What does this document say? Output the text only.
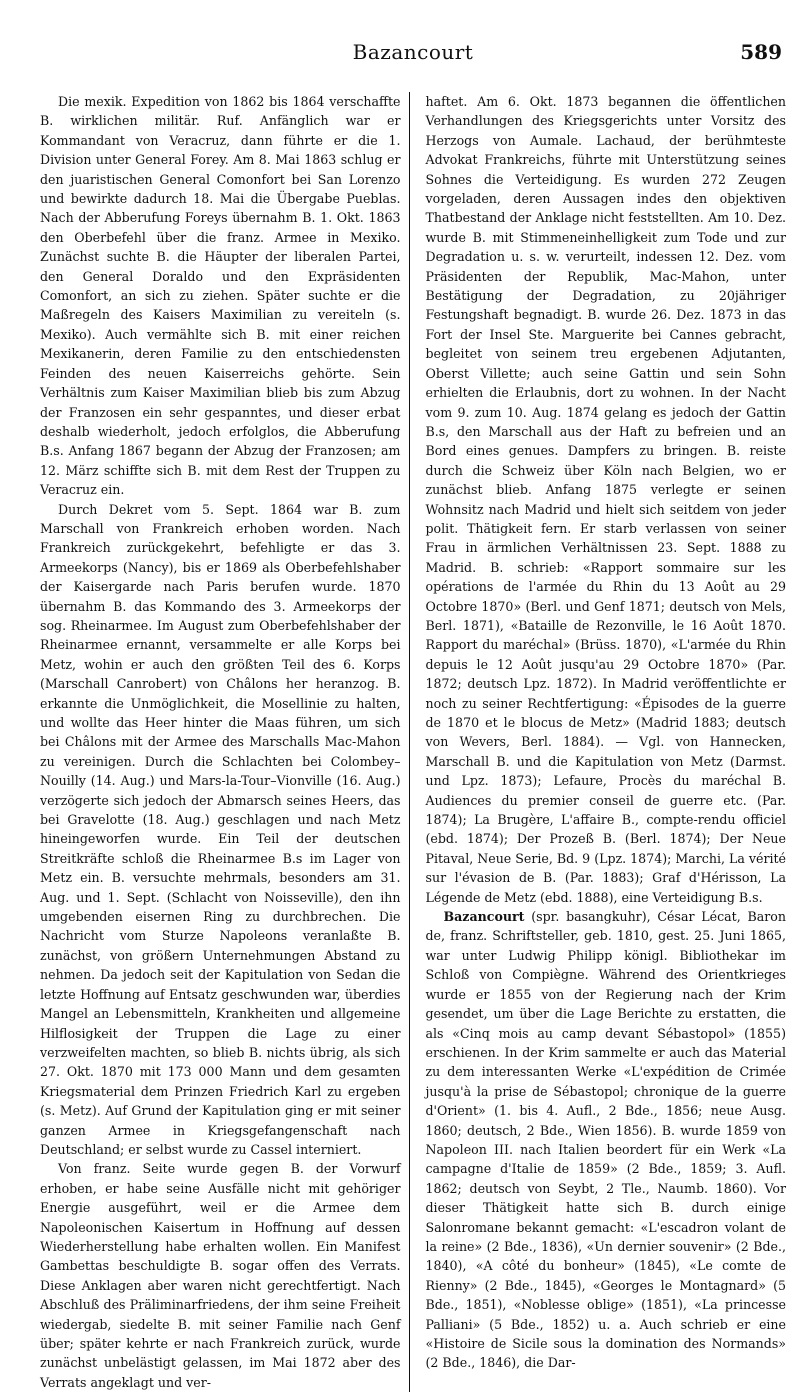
Bazancourt	589

Die mexik. Expedition von 1862 bis 1864 verschaffte B. wirklichen militär. Ruf. Anfänglich war er Kommandant von Veracruz, dann führte er die 1. Division unter General Forey. Am 8. Mai 1863 schlug er den juaristischen General Comonfort bei San Lorenzo und bewirkte dadurch 18. Mai die Übergabe Pueblas. Nach der Abberufung Foreys übernahm B. 1. Okt. 1863 den Oberbefehl über die franz. Armee in Mexiko. Zunächst suchte B. die Häupter der liberalen Partei, den General Doraldo und den Expräsidenten Comonfort, an sich zu ziehen. Später suchte er die Maßregeln des Kaisers Maximilian zu vereiteln (s. Mexiko). Auch vermählte sich B. mit einer reichen Mexikanerin, deren Familie zu den entschiedensten Feinden des neuen Kaiserreichs gehörte. Sein Verhältnis zum Kaiser Maximilian blieb bis zum Abzug der Franzosen ein sehr gespanntes, und dieser erbat deshalb wiederholt, jedoch erfolglos, die Abberufung B.s. Anfang 1867 begann der Abzug der Franzosen; am 12. März schiffte sich B. mit dem Rest der Truppen zu Veracruz ein.

Durch Dekret vom 5. Sept. 1864 war B. zum Marschall von Frankreich erhoben worden. Nach Frankreich zurückgekehrt, befehligte er das 3. Armeekorps (Nancy), bis er 1869 als Oberbefehlshaber der Kaisergarde nach Paris berufen wurde. 1870 übernahm B. das Kommando des 3. Armeekorps der sog. Rheinarmee. Im August zum Oberbefehlshaber der Rheinarmee ernannt, versammelte er alle Korps bei Metz, wohin er auch den größten Teil des 6. Korps (Marschall Canrobert) von Châlons her heranzog. B. erkannte die Unmöglichkeit, die Mosellinie zu halten, und wollte das Heer hinter die Maas führen, um sich bei Châlons mit der Armee des Marschalls Mac-Mahon zu vereinigen. Durch die Schlachten bei Colombey–Nouilly (14. Aug.) und Mars-la-Tour–Vionville (16. Aug.) verzögerte sich jedoch der Abmarsch seines Heers, das bei Gravelotte (18. Aug.) geschlagen und nach Metz hineingeworfen wurde. Ein Teil der deutschen Streitkräfte schloß die Rheinarmee B.s im Lager von Metz ein. B. versuchte mehrmals, besonders am 31. Aug. und 1. Sept. (Schlacht von Noisseville), den ihn umgebenden eisernen Ring zu durchbrechen. Die Nachricht vom Sturze Napoleons veranlaßte B. zunächst, von größern Unternehmungen Abstand zu nehmen. Da jedoch seit der Kapitulation von Sedan die letzte Hoffnung auf Entsatz geschwunden war, überdies Mangel an Lebensmitteln, Krankheiten und allgemeine Hilflosigkeit der Truppen die Lage zu einer verzweifelten machten, so blieb B. nichts übrig, als sich 27. Okt. 1870 mit 173 000 Mann und dem gesamten Kriegsmaterial dem Prinzen Friedrich Karl zu ergeben (s. Metz). Auf Grund der Kapitulation ging er mit seiner ganzen Armee in Kriegsgefangenschaft nach Deutschland; er selbst wurde zu Cassel interniert.

Von franz. Seite wurde gegen B. der Vorwurf erhoben, er habe seine Ausfälle nicht mit gehöriger Energie ausgeführt, weil er die Armee dem Napoleonischen Kaisertum in Hoffnung auf dessen Wiederherstellung habe erhalten wollen. Ein Manifest Gambettas beschuldigte B. sogar offen des Verrats. Diese Anklagen aber waren nicht gerechtfertigt. Nach Abschluß des Präliminarfriedens, der ihm seine Freiheit wiedergab, siedelte B. mit seiner Familie nach Genf über; später kehrte er nach Frankreich zurück, wurde zunächst unbelästigt gelassen, im Mai 1872 aber des Verrats angeklagt und ver-

haftet. Am 6. Okt. 1873 begannen die öffentlichen Verhandlungen des Kriegsgerichts unter Vorsitz des Herzogs von Aumale. Lachaud, der berühmteste Advokat Frankreichs, führte mit Unterstützung seines Sohnes die Verteidigung. Es wurden 272 Zeugen vorgeladen, deren Aussagen indes den objektiven Thatbestand der Anklage nicht feststellten. Am 10. Dez. wurde B. mit Stimmeneinhelligkeit zum Tode und zur Degradation u. s. w. verurteilt, indessen 12. Dez. vom Präsidenten der Republik, Mac-Mahon, unter Bestätigung der Degradation, zu 20jähriger Festungshaft begnadigt. B. wurde 26. Dez. 1873 in das Fort der Insel Ste. Marguerite bei Cannes gebracht, begleitet von seinem treu ergebenen Adjutanten, Oberst Villette; auch seine Gattin und sein Sohn erhielten die Erlaubnis, dort zu wohnen. In der Nacht vom 9. zum 10. Aug. 1874 gelang es jedoch der Gattin B.s, den Marschall aus der Haft zu befreien und an Bord eines genues. Dampfers zu bringen. B. reiste durch die Schweiz über Köln nach Belgien, wo er zunächst blieb. Anfang 1875 verlegte er seinen Wohnsitz nach Madrid und hielt sich seitdem von jeder polit. Thätigkeit fern. Er starb verlassen von seiner Frau in ärmlichen Verhältnissen 23. Sept. 1888 zu Madrid. B. schrieb: «Rapport sommaire sur les opérations de l'armée du Rhin du 13 Août au 29 Octobre 1870» (Berl. und Genf 1871; deutsch von Mels, Berl. 1871), «Bataille de Rezonville, le 16 Août 1870. Rapport du maréchal» (Brüss. 1870), «L'armée du Rhin depuis le 12 Août jusqu'au 29 Octobre 1870» (Par. 1872; deutsch Lpz. 1872). In Madrid veröffentlichte er noch zu seiner Rechtfertigung: «Épisodes de la guerre de 1870 et le blocus de Metz» (Madrid 1883; deutsch von Wevers, Berl. 1884). — Vgl. von Hannecken, Marschall B. und die Kapitulation von Metz (Darmst. und Lpz. 1873); Lefaure, Procès du maréchal B. Audiences du premier conseil de guerre etc. (Par. 1874); La Brugère, L'affaire B., compte-rendu officiel (ebd. 1874); Der Prozeß B. (Berl. 1874); Der Neue Pitaval, Neue Serie, Bd. 9 (Lpz. 1874); Marchi, La vérité sur l'évasion de B. (Par. 1883); Graf d'Hérisson, La Légende de Metz (ebd. 1888), eine Verteidigung B.s.

Bazancourt (spr. basangkuhr), César Lécat, Baron de, franz. Schriftsteller, geb. 1810, gest. 25. Juni 1865, war unter Ludwig Philipp königl. Bibliothekar im Schloß von Compiègne. Während des Orientkrieges wurde er 1855 von der Regierung nach der Krim gesendet, um über die Lage Berichte zu erstatten, die als «Cinq mois au camp devant Sébastopol» (1855) erschienen. In der Krim sammelte er auch das Material zu dem interessanten Werke «L'expédition de Crimée jusqu'à la prise de Sébastopol; chronique de la guerre d'Orient» (1. bis 4. Aufl., 2 Bde., 1856; neue Ausg. 1860; deutsch, 2 Bde., Wien 1856). B. wurde 1859 von Napoleon III. nach Italien beordert für ein Werk «La campagne d'Italie de 1859» (2 Bde., 1859; 3. Aufl. 1862; deutsch von Seybt, 2 Tle., Naumb. 1860). Vor dieser Thätigkeit hatte sich B. durch einige Salonromane bekannt gemacht: «L'escadron volant de la reine» (2 Bde., 1836), «Un dernier souvenir» (2 Bde., 1840), «A côté du bonheur» (1845), «Le comte de Rienny» (2 Bde., 1845), «Georges le Montagnard» (5 Bde., 1851), «Noblesse oblige» (1851), «La princesse Palliani» (5 Bde., 1852) u. a. Auch schrieb er eine «Histoire de Sicile sous la domination des Normands» (2 Bde., 1846), die Dar-
